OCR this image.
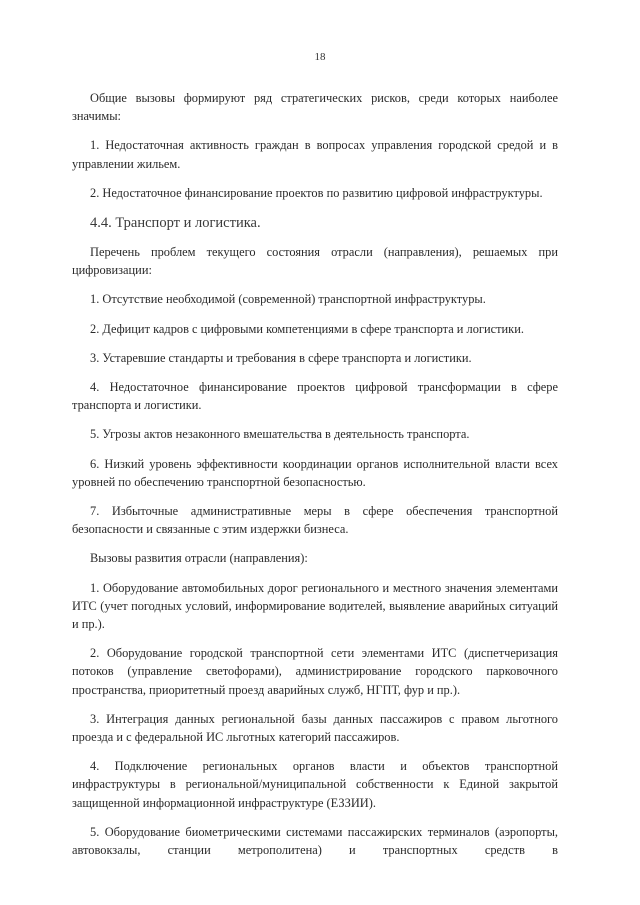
18

Общие вызовы формируют ряд стратегических рисков, среди которых наиболее значимы:

1. Недостаточная активность граждан в вопросах управления городской средой и в управлении жильем.

2. Недостаточное финансирование проектов по развитию цифровой инфраструктуры.

4.4. Транспорт и логистика.

Перечень проблем текущего состояния отрасли (направления), решаемых при цифровизации:

1. Отсутствие необходимой (современной) транспортной инфраструктуры.

2. Дефицит кадров с цифровыми компетенциями в сфере транспорта и логистики.

3. Устаревшие стандарты и требования в сфере транспорта и логистики.

4. Недостаточное финансирование проектов цифровой трансформации в сфере транспорта и логистики.

5. Угрозы актов незаконного вмешательства в деятельность транспорта.

6. Низкий уровень эффективности координации органов исполнительной власти всех уровней по обеспечению транспортной безопасностью.

7. Избыточные административные меры в сфере обеспечения транспортной безопасности и связанные с этим издержки бизнеса.

Вызовы развития отрасли (направления):

1. Оборудование автомобильных дорог регионального и местного значения элементами ИТС (учет погодных условий, информирование водителей, выявление аварийных ситуаций и пр.).

2. Оборудование городской транспортной сети элементами ИТС (диспетчеризация потоков (управление светофорами), администрирование городского парковочного пространства, приоритетный проезд аварийных служб, НГПТ, фур и пр.).

3. Интеграция данных региональной базы данных пассажиров с правом льготного проезда и с федеральной ИС льготных категорий пассажиров.

4. Подключение региональных органов власти и объектов транспортной инфраструктуры в региональной/муниципальной собственности к Единой закрытой защищенной информационной инфраструктуре (ЕЗЗИИ).

5. Оборудование биометрическими системами пассажирских терминалов (аэропорты, автовокзалы, станции метрополитена) и транспортных средств в
